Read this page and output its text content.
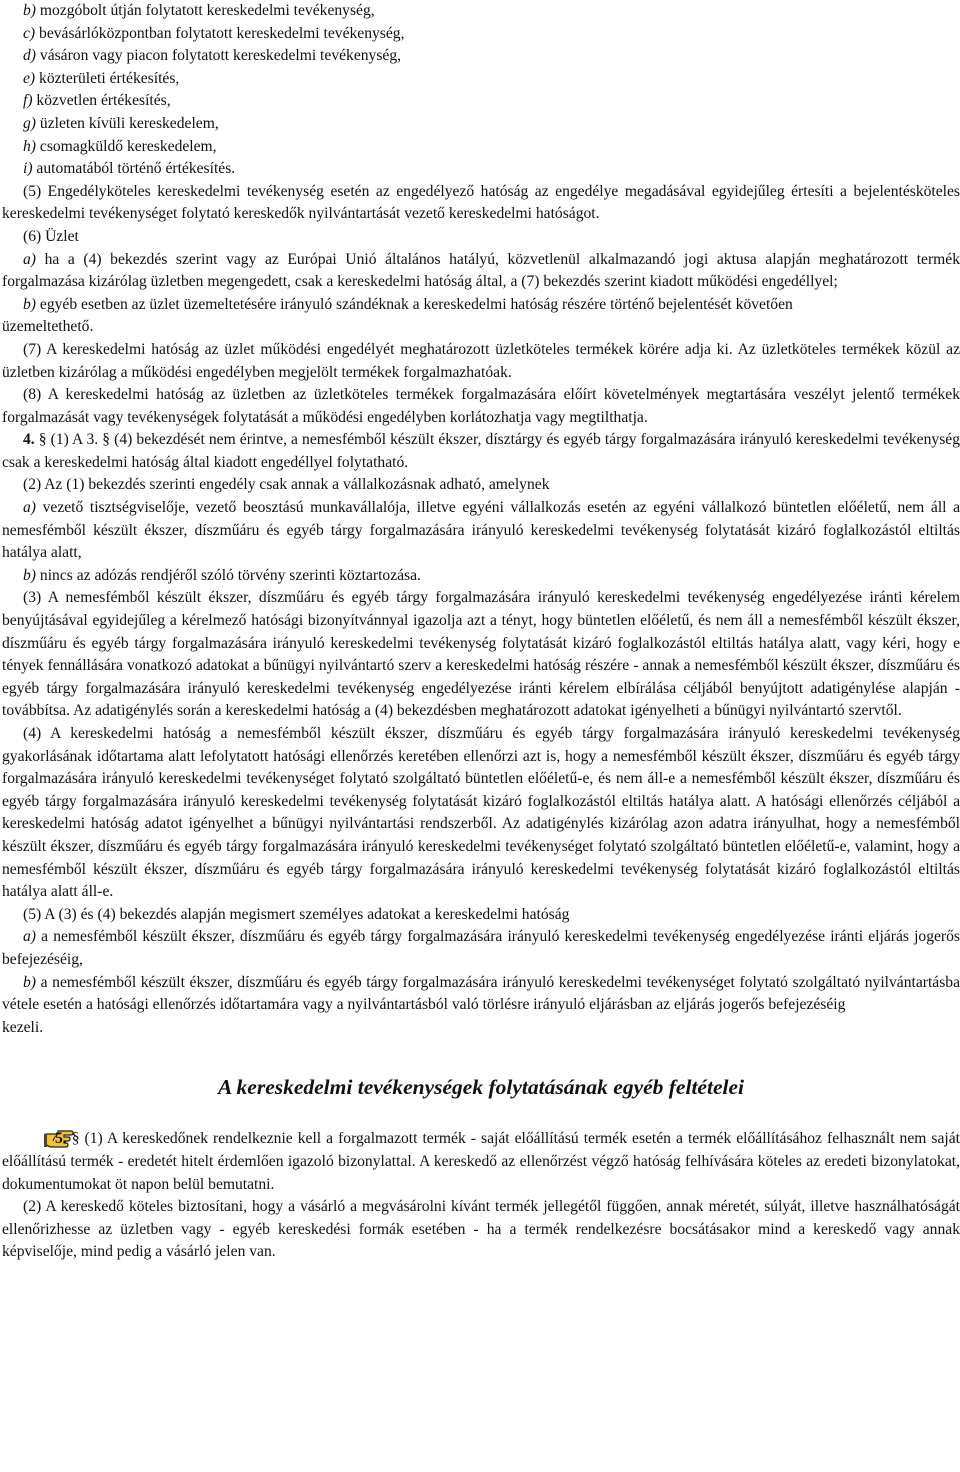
b) mozgóbolt útján folytatott kereskedelmi tevékenység,

c) bevásárlóközpontban folytatott kereskedelmi tevékenység,

d) vásáron vagy piacon folytatott kereskedelmi tevékenység,

e) közterületi értékesítés,

f) közvetlen értékesítés,

g) üzleten kívüli kereskedelem,

h) csomagküldő kereskedelem,

i) automatából történő értékesítés.

(5) Engedélyköteles kereskedelmi tevékenység esetén az engedélyező hatóság az engedélye megadásával egyidejűleg értesíti a bejelentésköteles kereskedelmi tevékenységet folytató kereskedők nyilvántartását vezető kereskedelmi hatóságot.

(6) Üzlet

a) ha a (4) bekezdés szerint vagy az Európai Unió általános hatályú, közvetlenül alkalmazandó jogi aktusa alapján meghatározott termék forgalmazása kizárólag üzletben megengedett, csak a kereskedelmi hatóság által, a (7) bekezdés szerint kiadott működési engedéllyel;

b) egyéb esetben az üzlet üzemeltetésére irányuló szándéknak a kereskedelmi hatóság részére történő bejelentését követően

üzemeltethető.

(7) A kereskedelmi hatóság az üzlet működési engedélyét meghatározott üzletköteles termékek körére adja ki. Az üzletköteles termékek közül az üzletben kizárólag a működési engedélyben megjelölt termékek forgalmazhatóak.

(8) A kereskedelmi hatóság az üzletben az üzletköteles termékek forgalmazására előírt követelmények megtartására veszélyt jelentő termékek forgalmazását vagy tevékenységek folytatását a működési engedélyben korlátozhatja vagy megtilthatja.

4. § (1) A 3. § (4) bekezdését nem érintve, a nemesfémből készült ékszer, dísztárgy és egyéb tárgy forgalmazására irányuló kereskedelmi tevékenység csak a kereskedelmi hatóság által kiadott engedéllyel folytatható.

(2) Az (1) bekezdés szerinti engedély csak annak a vállalkozásnak adható, amelynek

a) vezető tisztségviselője, vezető beosztású munkavállalója, illetve egyéni vállalkozás esetén az egyéni vállalkozó büntetlen előéletű, nem áll a nemesfémből készült ékszer, díszműáru és egyéb tárgy forgalmazására irányuló kereskedelmi tevékenység folytatását kizáró foglalkozástól eltiltás hatálya alatt,

b) nincs az adózás rendjéről szóló törvény szerinti köztartozása.

(3) A nemesfémből készült ékszer, díszműáru és egyéb tárgy forgalmazására irányuló kereskedelmi tevékenység engedélyezése iránti kérelem benyújtásával egyidejűleg a kérelmező hatósági bizonyítvánnyal igazolja azt a tényt, hogy büntetlen előéletű, és nem áll a nemesfémből készült ékszer, díszműáru és egyéb tárgy forgalmazására irányuló kereskedelmi tevékenység folytatását kizáró foglalkozástól eltiltás hatálya alatt, vagy kéri, hogy e tények fennállására vonatkozó adatokat a bűnügyi nyilvántartó szerv a kereskedelmi hatóság részére - annak a nemesfémből készült ékszer, díszműáru és egyéb tárgy forgalmazására irányuló kereskedelmi tevékenység engedélyezése iránti kérelem elbírálása céljából benyújtott adatigénylése alapján - továbbítsa. Az adatigénylés során a kereskedelmi hatóság a (4) bekezdésben meghatározott adatokat igényelheti a bűnügyi nyilvántartó szervtől.

(4) A kereskedelmi hatóság a nemesfémből készült ékszer, díszműáru és egyéb tárgy forgalmazására irányuló kereskedelmi tevékenység gyakorlásának időtartama alatt lefolytatott hatósági ellenőrzés keretében ellenőrzi azt is, hogy a nemesfémből készült ékszer, díszműáru és egyéb tárgy forgalmazására irányuló kereskedelmi tevékenységet folytató szolgáltató büntetlen előéletű-e, és nem áll-e a nemesfémből készült ékszer, díszműáru és egyéb tárgy forgalmazására irányuló kereskedelmi tevékenység folytatását kizáró foglalkozástól eltiltás hatálya alatt. A hatósági ellenőrzés céljából a kereskedelmi hatóság adatot igényelhet a bűnügyi nyilvántartási rendszerből. Az adatigénylés kizárólag azon adatra irányulhat, hogy a nemesfémből készült ékszer, díszműáru és egyéb tárgy forgalmazására irányuló kereskedelmi tevékenységet folytató szolgáltató büntetlen előéletű-e, valamint, hogy a nemesfémből készült ékszer, díszműáru és egyéb tárgy forgalmazására irányuló kereskedelmi tevékenység folytatását kizáró foglalkozástól eltiltás hatálya alatt áll-e.

(5) A (3) és (4) bekezdés alapján megismert személyes adatokat a kereskedelmi hatóság

a) a nemesfémből készült ékszer, díszműáru és egyéb tárgy forgalmazására irányuló kereskedelmi tevékenység engedélyezése iránti eljárás jogerős befejezéséig,

b) a nemesfémből készült ékszer, díszműáru és egyéb tárgy forgalmazására irányuló kereskedelmi tevékenységet folytató szolgáltató nyilvántartásba vétele esetén a hatósági ellenőrzés időtartamára vagy a nyilvántartásból való törlésre irányuló eljárásban az eljárás jogerős befejezéséig

kezeli.

A kereskedelmi tevékenységek folytatásának egyéb feltételei

5. § (1) A kereskedőnek rendelkeznie kell a forgalmazott termék - saját előállítású termék esetén a termék előállításához felhasznált nem saját előállítású termék - eredetét hitelt érdemlően igazoló bizonylattal. A kereskedő az ellenőrzést végző hatóság felhívására köteles az eredeti bizonylatokat, dokumentumokat öt napon belül bemutatni.

(2) A kereskedő köteles biztosítani, hogy a vásárló a megvásárolni kívánt termék jellegétől függően, annak méretét, súlyát, illetve használhatóságát ellenőrizhesse az üzletben vagy - egyéb kereskedési formák esetében - ha a termék rendelkezésre bocsátásakor mind a kereskedő vagy annak képviselője, mind pedig a vásárló jelen van.
